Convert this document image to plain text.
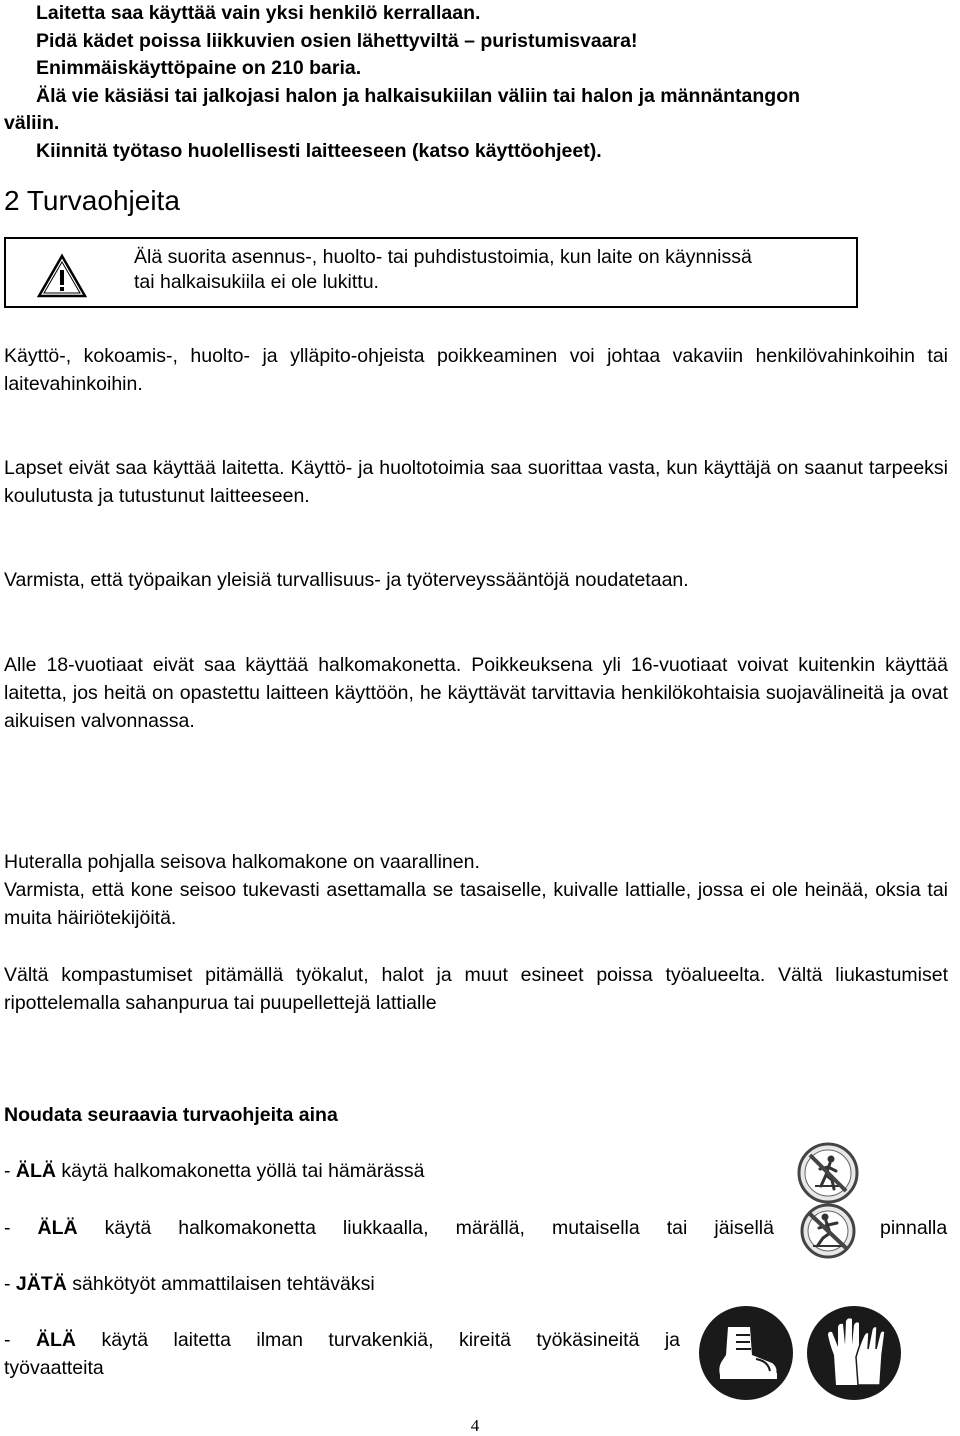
Laitetta saa käyttää vain yksi henkilö kerrallaan.
Pidä kädet poissa liikkuvien osien lähettyviltä – puristumisvaara!
Enimmäiskäyttöpaine on 210 baria.
Älä vie käsiäsi tai jalkojasi halon ja halkaisukiilan väliin tai halon ja männäntangon
väliin.
Kiinnitä työtaso huolellisesti laitteeseen (katso käyttöohjeet).
2 Turvaohjeita
Älä suorita asennus-, huolto- tai puhdistustoimia, kun laite on käynnissä
tai halkaisukiila ei ole lukittu.
Käyttö-, kokoamis-, huolto- ja ylläpito-ohjeista poikkeaminen voi johtaa vakaviin henkilövahinkoihin tai laitevahinkoihin.
Lapset eivät saa käyttää laitetta. Käyttö- ja huoltotoimia saa suorittaa vasta, kun käyttäjä on saanut tarpeeksi koulutusta ja tutustunut laitteeseen.
Varmista, että työpaikan yleisiä turvallisuus- ja työterveyssääntöjä noudatetaan.
Alle 18-vuotiaat eivät saa käyttää halkomakonetta. Poikkeuksena yli 16-vuotiaat voivat kuitenkin käyttää laitetta, jos heitä on opastettu laitteen käyttöön, he käyttävät tarvittavia henkilökohtaisia suojavälineitä ja ovat aikuisen valvonnassa.
Huteralla pohjalla seisova halkomakone on vaarallinen.
Varmista, että kone seisoo tukevasti asettamalla se tasaiselle, kuivalle lattialle, jossa ei ole heinää, oksia tai muita häiriötekijöitä.
Vältä kompastumiset pitämällä työkalut, halot ja muut esineet poissa työalueelta. Vältä liukastumiset ripottelemalla sahanpurua tai puupellettejä lattialle
Noudata seuraavia turvaohjeita aina
- ÄLÄ käytä halkomakonetta yöllä tai hämärässä
- ÄLÄ käytä halkomakonetta liukkaalla, märällä, mutaisella tai jäisellä	pinnalla
- JÄTÄ sähkötyöt ammattilaisen tehtäväksi
- ÄLÄ käytä laitetta ilman turvakenkiä, kireitä työkäsineitä ja
työvaatteita
4
